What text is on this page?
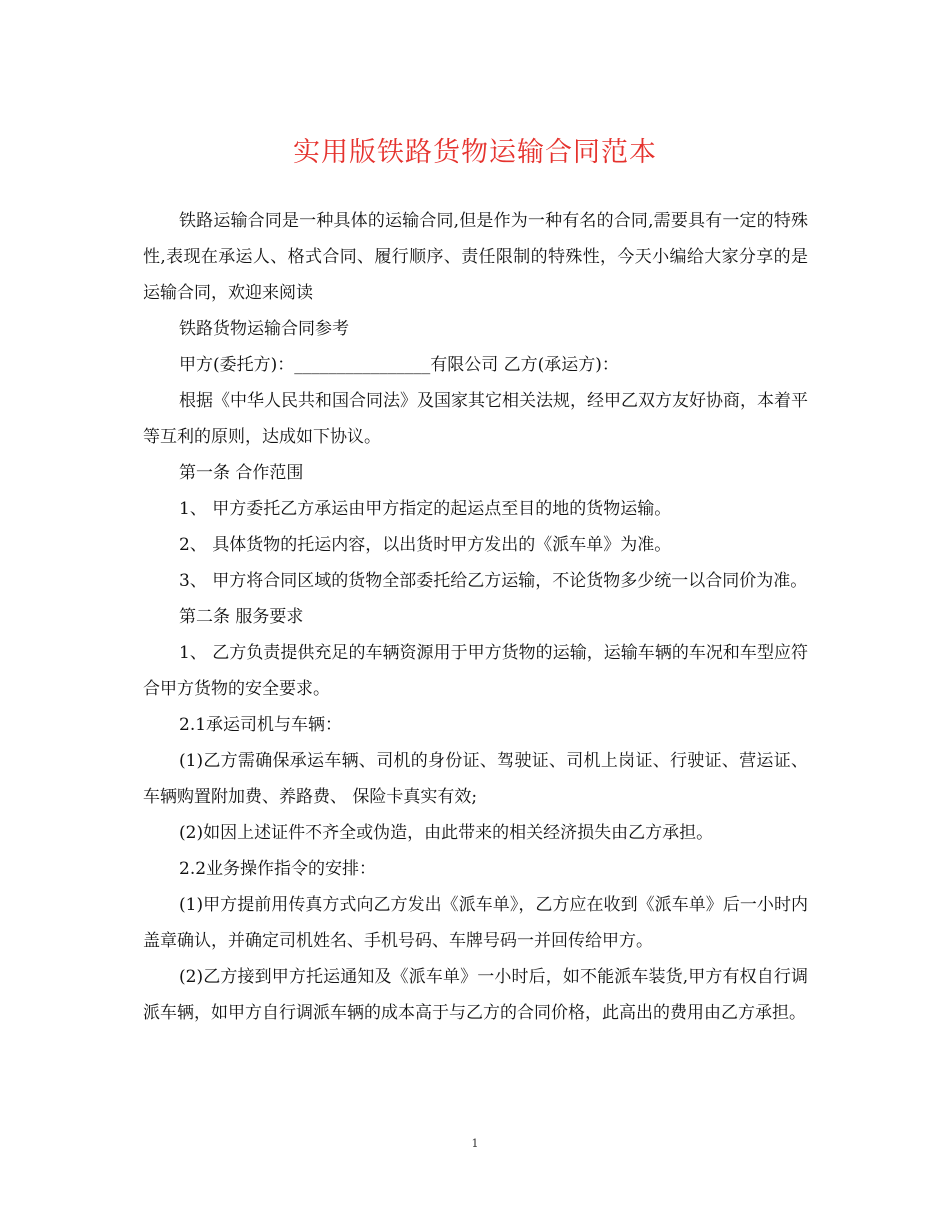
实用版铁路货物运输合同范本

铁路运输合同是一种具体的运输合同,但是作为一种有名的合同,需要具有一定的特殊性,表现在承运人、格式合同、履行顺序、责任限制的特殊性，今天小编给大家分享的是运输合同，欢迎来阅读

铁路货物运输合同参考

甲方(委托方)：________________有限公司 乙方(承运方)：

根据《中华人民共和国合同法》及国家其它相关法规，经甲乙双方友好协商，本着平等互利的原则，达成如下协议。

第一条 合作范围

1、 甲方委托乙方承运由甲方指定的起运点至目的地的货物运输。

2、 具体货物的托运内容，以出货时甲方发出的《派车单》为准。

3、 甲方将合同区域的货物全部委托给乙方运输，不论货物多少统一以合同价为准。

第二条 服务要求

1、 乙方负责提供充足的车辆资源用于甲方货物的运输，运输车辆的车况和车型应符合甲方货物的安全要求。

2.1承运司机与车辆：

(1)乙方需确保承运车辆、司机的身份证、驾驶证、司机上岗证、行驶证、营运证、车辆购置附加费、养路费、 保险卡真实有效;

(2)如因上述证件不齐全或伪造，由此带来的相关经济损失由乙方承担。

2.2业务操作指令的安排：

(1)甲方提前用传真方式向乙方发出《派车单》，乙方应在收到《派车单》后一小时内盖章确认，并确定司机姓名、手机号码、车牌号码一并回传给甲方。

(2)乙方接到甲方托运通知及《派车单》一小时后，如不能派车装货,甲方有权自行调派车辆，如甲方自行调派车辆的成本高于与乙方的合同价格，此高出的费用由乙方承担。

1
